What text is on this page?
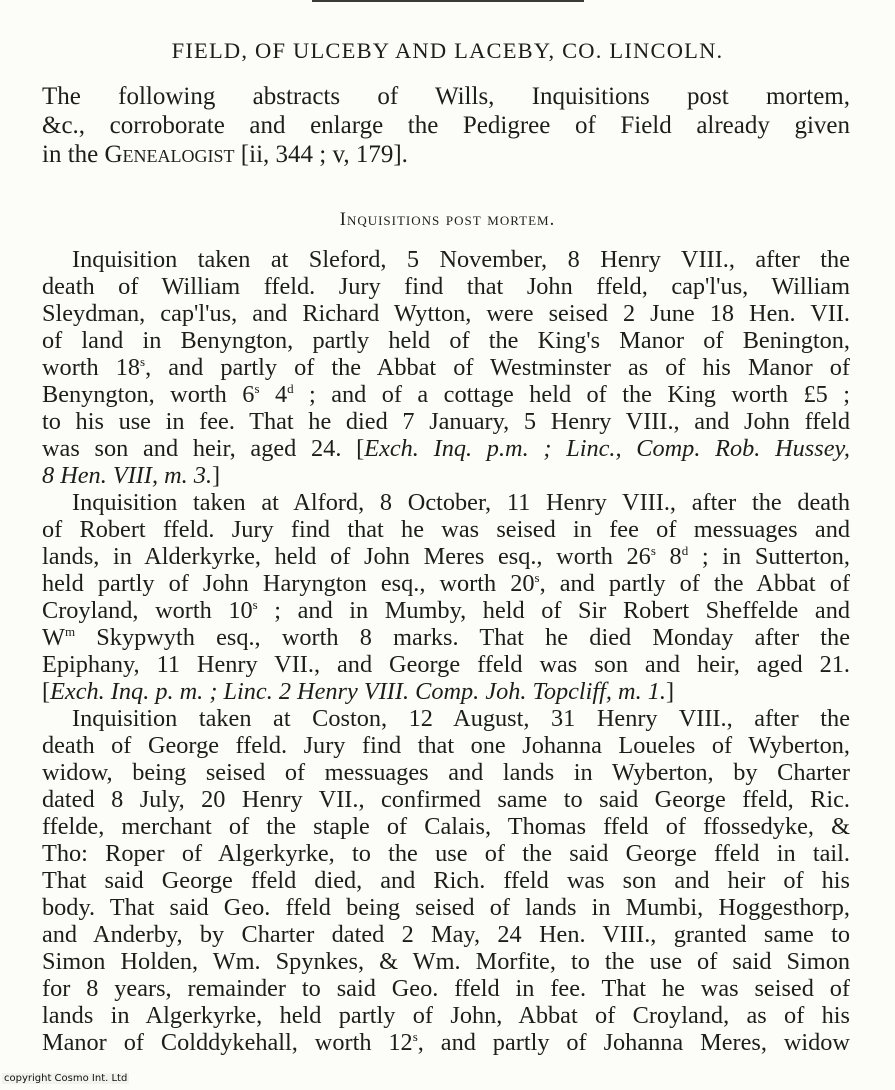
FIELD, OF ULCEBY AND LACEBY, CO. LINCOLN.
The following abstracts of Wills, Inquisitions post mortem,
&c., corroborate and enlarge the Pedigree of Field already given
in the Genealogist [ii, 344 ; v, 179].
Inquisitions post mortem.
Inquisition taken at Sleford, 5 November, 8 Henry VIII., after the
death of William ffeld. Jury find that John ffeld, cap'l'us, William
Sleydman, cap'l'us, and Richard Wytton, were seised 2 June 18 Hen. VII.
of land in Benyngton, partly held of the King's Manor of Benington,
worth 18$^s$, and partly of the Abbat of Westminster as of his Manor of
Benyngton, worth 6$^s$ 4$^d$ ; and of a cottage held of the King worth £5 ;
to his use in fee. That he died 7 January, 5 Henry VIII., and John ffeld
was son and heir, aged 24. [Exch. Inq. p.m. ; Linc., Comp. Rob. Hussey,
8 Hen. VIII, m. 3.]
Inquisition taken at Alford, 8 October, 11 Henry VIII., after the death
of Robert ffeld. Jury find that he was seised in fee of messuages and
lands, in Alderkyrke, held of John Meres esq., worth 26$^s$ 8$^d$ ; in Sutterton,
held partly of John Haryngton esq., worth 20$^s$, and partly of the Abbat of
Croyland, worth 10$^s$ ; and in Mumby, held of Sir Robert Sheffelde and
$W^m$ Skypwyth esq., worth 8 marks. That he died Monday after the
Epiphany, 11 Henry VII., and George ffeld was son and heir, aged 21.
[Exch. Inq. p. m. ; Linc. 2 Henry VIII. Comp. Joh. Topcliff, m. 1.]
Inquisition taken at Coston, 12 August, 31 Henry VIII., after the
death of George ffeld. Jury find that one Johanna Loueles of Wyberton,
widow, being seised of messuages and lands in Wyberton, by Charter
dated 8 July, 20 Henry VII., confirmed same to said George ffeld, Ric.
ffelde, merchant of the staple of Calais, Thomas ffeld of ffossedyke, &
Tho: Roper of Algerkyrke, to the use of the said George ffeld in tail.
That said George ffeld died, and Rich. ffeld was son and heir of his
body. That said Geo. ffeld being seised of lands in Mumbi, Hoggesthorp,
and Anderby, by Charter dated 2 May, 24 Hen. VIII., granted same to
Simon Holden, Wm. Spynkes, & Wm. Morfite, to the use of said Simon
for 8 years, remainder to said Geo. ffeld in fee. That he was seised of
lands in Algerkyrke, held partly of John, Abbat of Croyland, as of his
Manor of Colddykehall, worth 12$^s$, and partly of Johanna Meres, widow
copyright Cosmo Int. Ltd
